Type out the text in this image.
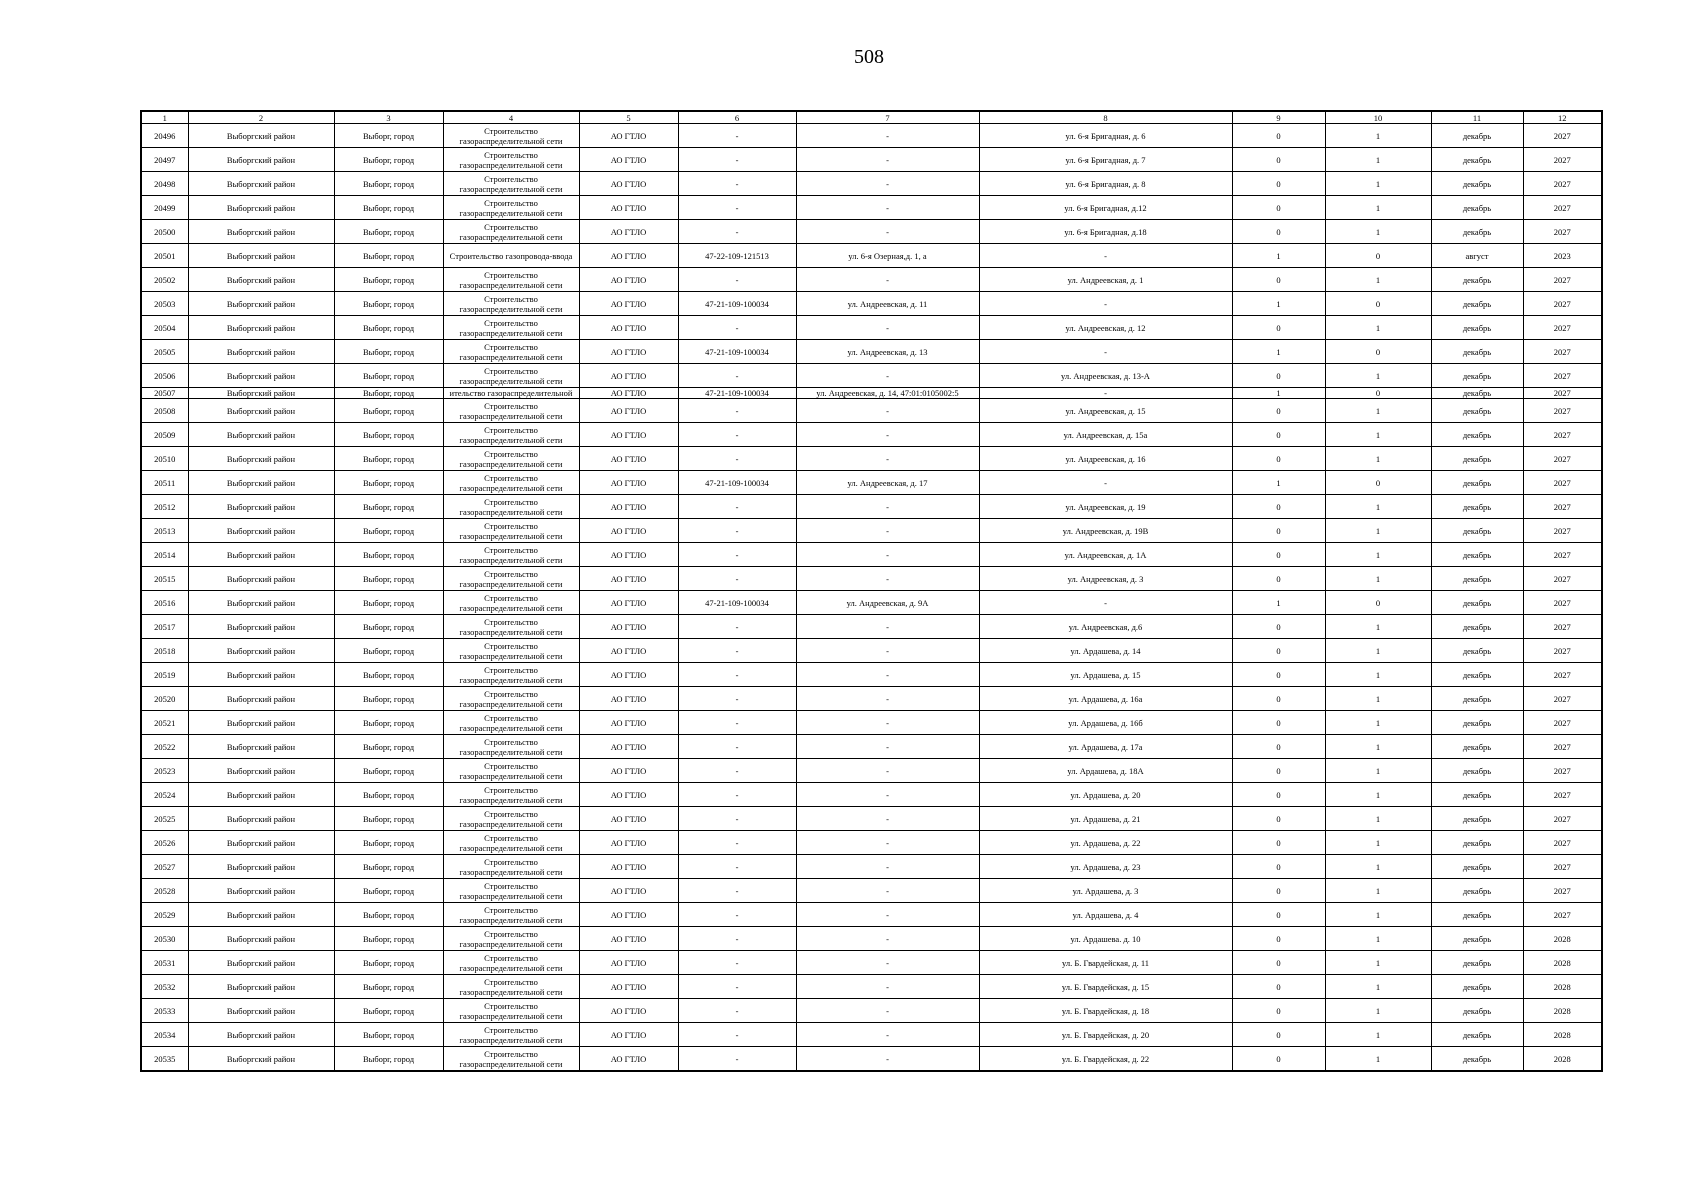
508
1	2	3	4	5	6	7	8	9	10	11	12
20496	Выборгский район	Выборг, город	Строительство газораспределительной сети	АО ГТЛО	-	-	ул. 6-я Бригадная, д. 6	0	1	декабрь	2027
20497	Выборгский район	Выборг, город	Строительство газораспределительной сети	АО ГТЛО	-	-	ул. 6-я Бригадная, д. 7	0	1	декабрь	2027
20498	Выборгский район	Выборг, город	Строительство газораспределительной сети	АО ГТЛО	-	-	ул. 6-я Бригадная, д. 8	0	1	декабрь	2027
20499	Выборгский район	Выборг, город	Строительство газораспределительной сети	АО ГТЛО	-	-	ул. 6-я Бригадная, д.12	0	1	декабрь	2027
20500	Выборгский район	Выборг, город	Строительство газораспределительной сети	АО ГТЛО	-	-	ул. 6-я Бригадная, д.18	0	1	декабрь	2027
20501	Выборгский район	Выборг, город	Строительство газопровода-ввода	АО ГТЛО	47-22-109-121513	ул. 6-я Озерная,д. 1, а	-	1	0	август	2023
20502	Выборгский район	Выборг, город	Строительство газораспределительной сети	АО ГТЛО	-	-	ул. Андреевская, д. 1	0	1	декабрь	2027
20503	Выборгский район	Выборг, город	Строительство газораспределительной сети	АО ГТЛО	47-21-109-100034	ул. Андреевская, д. 11	-	1	0	декабрь	2027
20504	Выборгский район	Выборг, город	Строительство газораспределительной сети	АО ГТЛО	-	-	ул. Андреевская, д. 12	0	1	декабрь	2027
20505	Выборгский район	Выборг, город	Строительство газораспределительной сети	АО ГТЛО	47-21-109-100034	ул. Андреевская, д. 13	-	1	0	декабрь	2027
20506	Выборгский район	Выборг, город	Строительство газораспределительной сети	АО ГТЛО	-	-	ул. Андреевская, д. 13-А	0	1	декабрь	2027
20507	Выборгский район	Выборг, город	ительство газораспределительной	АО ГТЛО	47-21-109-100034	ул. Андреевская, д. 14, 47:01:0105002:5	-	1	0	декабрь	2027
20508	Выборгский район	Выборг, город	Строительство газораспределительной сети	АО ГТЛО	-	-	ул. Андреевская, д. 15	0	1	декабрь	2027
20509	Выборгский район	Выборг, город	Строительство газораспределительной сети	АО ГТЛО	-	-	ул. Андреевская, д. 15а	0	1	декабрь	2027
20510	Выборгский район	Выборг, город	Строительство газораспределительной сети	АО ГТЛО	-	-	ул. Андреевская, д. 16	0	1	декабрь	2027
20511	Выборгский район	Выборг, город	Строительство газораспределительной сети	АО ГТЛО	47-21-109-100034	ул. Андреевская, д. 17	-	1	0	декабрь	2027
20512	Выборгский район	Выборг, город	Строительство газораспределительной сети	АО ГТЛО	-	-	ул. Андреевская, д. 19	0	1	декабрь	2027
20513	Выборгский район	Выборг, город	Строительство газораспределительной сети	АО ГТЛО	-	-	ул. Андреевская, д. 19В	0	1	декабрь	2027
20514	Выборгский район	Выборг, город	Строительство газораспределительной сети	АО ГТЛО	-	-	ул. Андреевская, д. 1А	0	1	декабрь	2027
20515	Выборгский район	Выборг, город	Строительство газораспределительной сети	АО ГТЛО	-	-	ул. Андреевская, д. 3	0	1	декабрь	2027
20516	Выборгский район	Выборг, город	Строительство газораспределительной сети	АО ГТЛО	47-21-109-100034	ул. Андреевская, д. 9А	-	1	0	декабрь	2027
20517	Выборгский район	Выборг, город	Строительство газораспределительной сети	АО ГТЛО	-	-	ул. Андреевская, д.6	0	1	декабрь	2027
20518	Выборгский район	Выборг, город	Строительство газораспределительной сети	АО ГТЛО	-	-	ул. Ардашева, д. 14	0	1	декабрь	2027
20519	Выборгский район	Выборг, город	Строительство газораспределительной сети	АО ГТЛО	-	-	ул. Ардашева, д. 15	0	1	декабрь	2027
20520	Выборгский район	Выборг, город	Строительство газораспределительной сети	АО ГТЛО	-	-	ул. Ардашева, д. 16а	0	1	декабрь	2027
20521	Выборгский район	Выборг, город	Строительство газораспределительной сети	АО ГТЛО	-	-	ул. Ардашева, д. 16б	0	1	декабрь	2027
20522	Выборгский район	Выборг, город	Строительство газораспределительной сети	АО ГТЛО	-	-	ул. Ардашева, д. 17а	0	1	декабрь	2027
20523	Выборгский район	Выборг, город	Строительство газораспределительной сети	АО ГТЛО	-	-	ул. Ардашева, д. 18А	0	1	декабрь	2027
20524	Выборгский район	Выборг, город	Строительство газораспределительной сети	АО ГТЛО	-	-	ул. Ардашева, д. 20	0	1	декабрь	2027
20525	Выборгский район	Выборг, город	Строительство газораспределительной сети	АО ГТЛО	-	-	ул. Ардашева, д. 21	0	1	декабрь	2027
20526	Выборгский район	Выборг, город	Строительство газораспределительной сети	АО ГТЛО	-	-	ул. Ардашева, д. 22	0	1	декабрь	2027
20527	Выборгский район	Выборг, город	Строительство газораспределительной сети	АО ГТЛО	-	-	ул. Ардашева, д. 23	0	1	декабрь	2027
20528	Выборгский район	Выборг, город	Строительство газораспределительной сети	АО ГТЛО	-	-	ул. Ардашева, д. 3	0	1	декабрь	2027
20529	Выборгский район	Выборг, город	Строительство газораспределительной сети	АО ГТЛО	-	-	ул. Ардашева, д. 4	0	1	декабрь	2027
20530	Выборгский район	Выборг, город	Строительство газораспределительной сети	АО ГТЛО	-	-	ул. Ардашева. д. 10	0	1	декабрь	2028
20531	Выборгский район	Выборг, город	Строительство газораспределительной сети	АО ГТЛО	-	-	ул. Б. Гвардейская, д. 11	0	1	декабрь	2028
20532	Выборгский район	Выборг, город	Строительство газораспределительной сети	АО ГТЛО	-	-	ул. Б. Гвардейская, д. 15	0	1	декабрь	2028
20533	Выборгский район	Выборг, город	Строительство газораспределительной сети	АО ГТЛО	-	-	ул. Б. Гвардейская, д. 18	0	1	декабрь	2028
20534	Выборгский район	Выборг, город	Строительство газораспределительной сети	АО ГТЛО	-	-	ул. Б. Гвардейская, д. 20	0	1	декабрь	2028
20535	Выборгский район	Выборг, город	Строительство газораспределительной сети	АО ГТЛО	-	-	ул. Б. Гвардейская, д. 22	0	1	декабрь	2028
